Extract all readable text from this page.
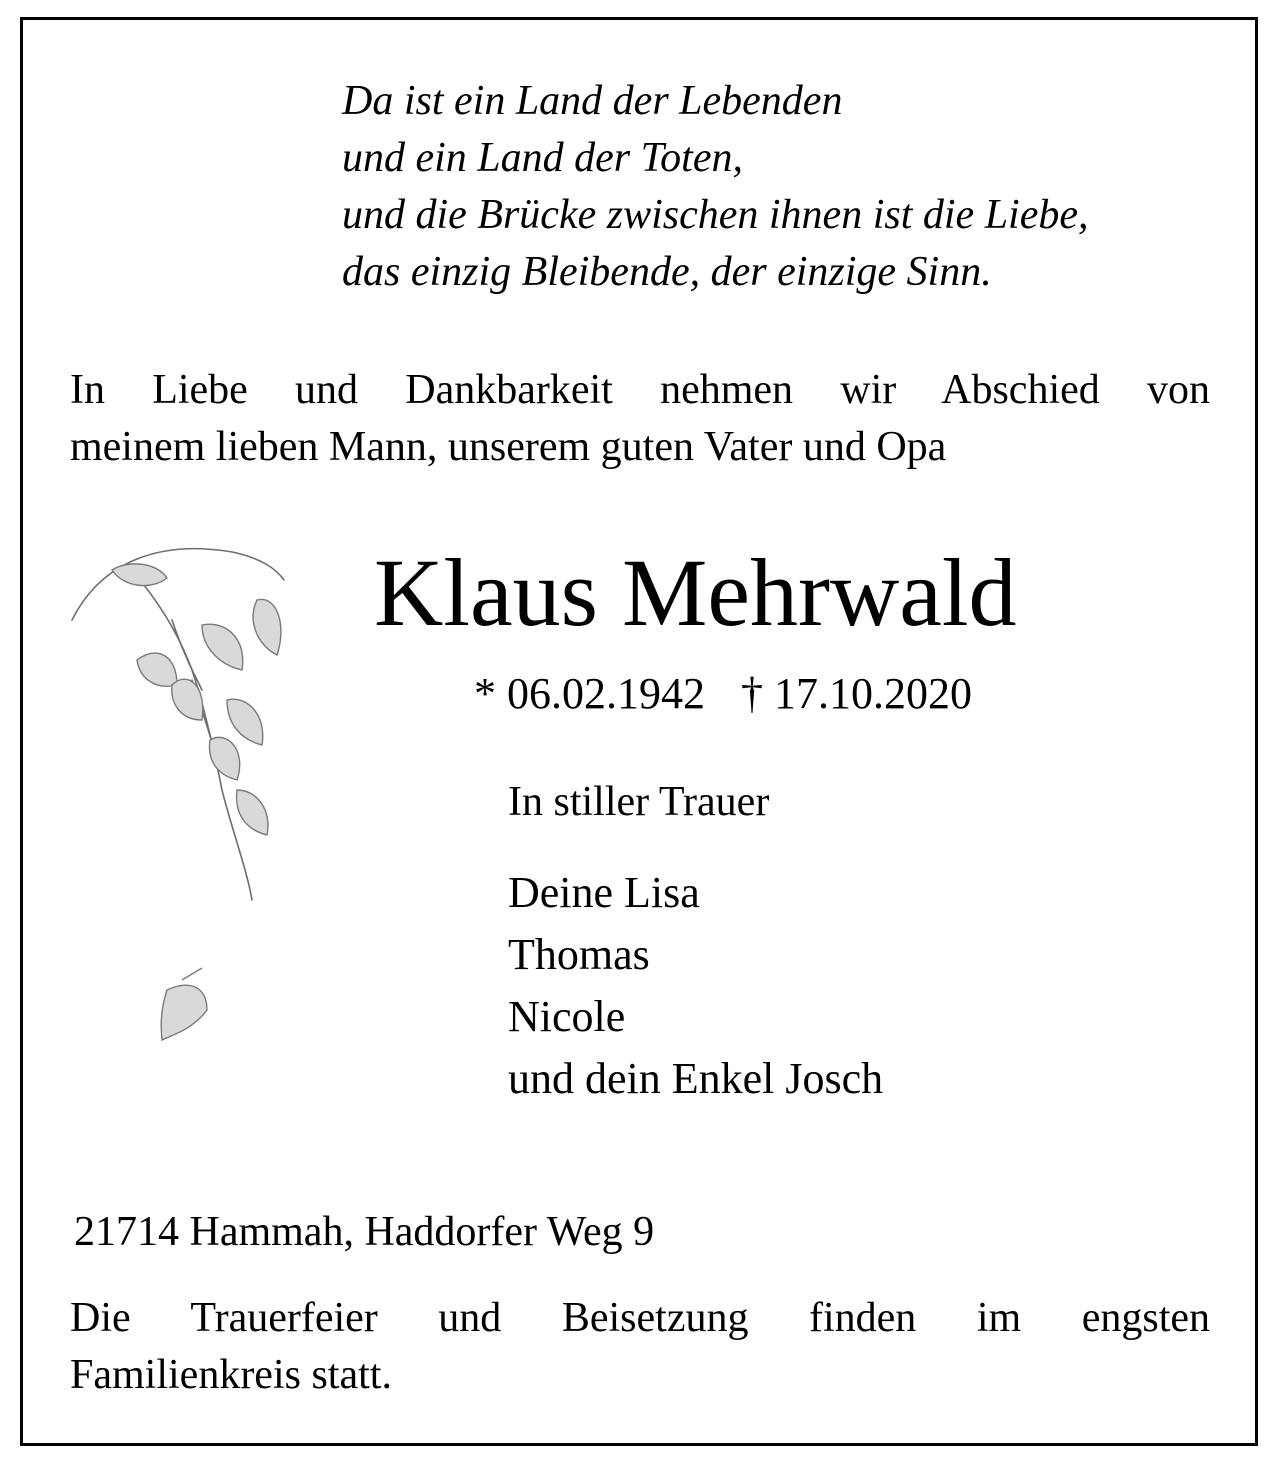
Da ist ein Land der Lebenden
und ein Land der Toten,
und die Brücke zwischen ihnen ist die Liebe,
das einzig Bleibende, der einzige Sinn.
In Liebe und Dankbarkeit nehmen wir Abschied von
meinem lieben Mann, unserem guten Vater und Opa
Klaus Mehrwald
* 06.02.1942 † 17.10.2020
In stiller Trauer
Deine Lisa
Thomas
Nicole
und dein Enkel Josch
21714 Hammah, Haddorfer Weg 9
Die Trauerfeier und Beisetzung finden im engsten
Familienkreis statt.
